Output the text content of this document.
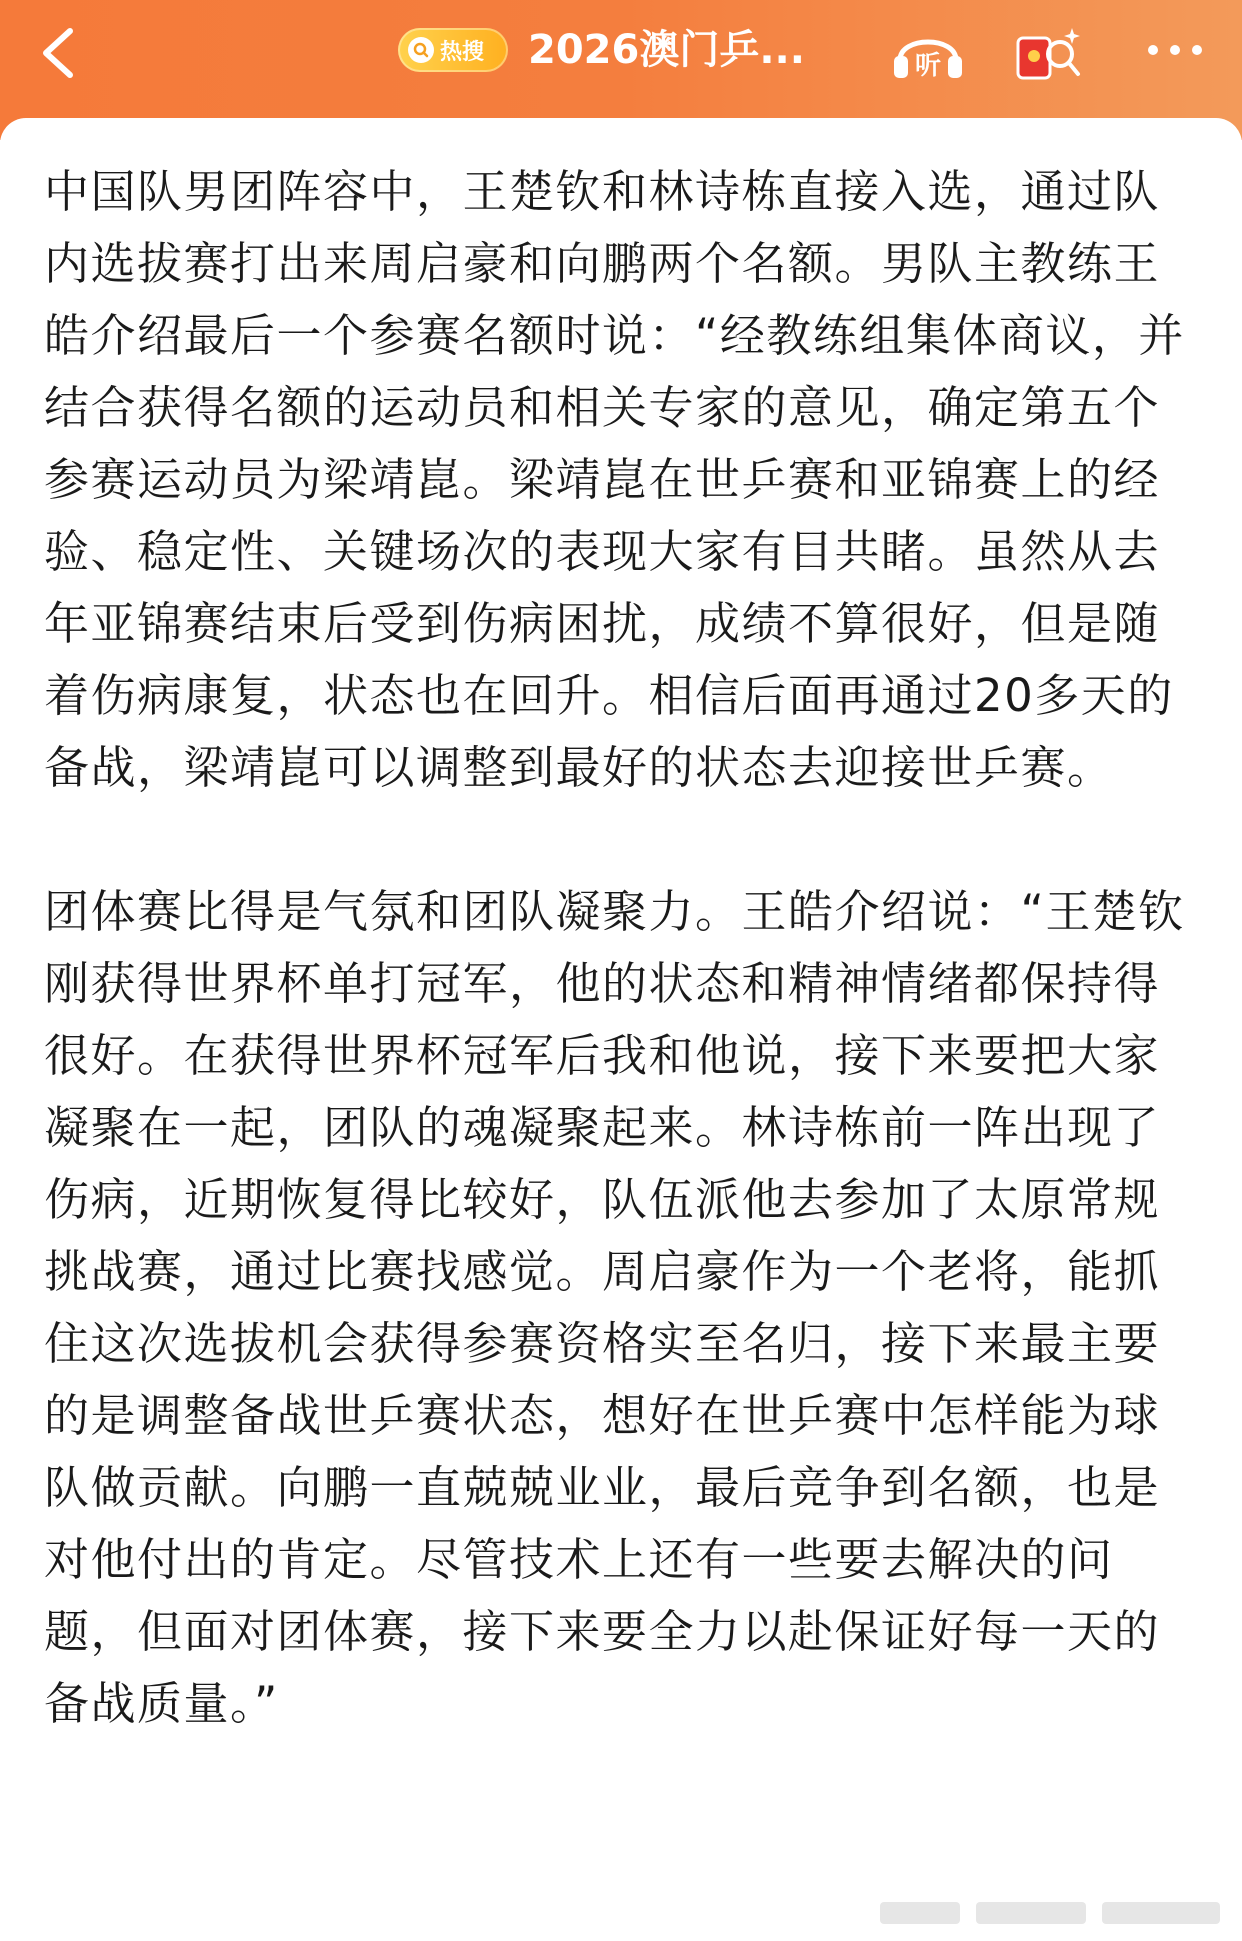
热搜 2026澳门乒...	听

中国队男团阵容中，王楚钦和林诗栋直接入选，通过队内选拔赛打出来周启豪和向鹏两个名额。男队主教练王皓介绍最后一个参赛名额时说：“经教练组集体商议，并结合获得名额的运动员和相关专家的意见，确定第五个参赛运动员为梁靖崑。梁靖崑在世乒赛和亚锦赛上的经验、稳定性、关键场次的表现大家有目共睹。虽然从去年亚锦赛结束后受到伤病困扰，成绩不算很好，但是随着伤病康复，状态也在回升。相信后面再通过20多天的备战，梁靖崑可以调整到最好的状态去迎接世乒赛。

团体赛比得是气氛和团队凝聚力。王皓介绍说：“王楚钦刚获得世界杯单打冠军，他的状态和精神情绪都保持得很好。在获得世界杯冠军后我和他说，接下来要把大家凝聚在一起，团队的魂凝聚起来。林诗栋前一阵出现了伤病，近期恢复得比较好，队伍派他去参加了太原常规挑战赛，通过比赛找感觉。周启豪作为一个老将，能抓住这次选拔机会获得参赛资格实至名归，接下来最主要的是调整备战世乒赛状态，想好在世乒赛中怎样能为球队做贡献。向鹏一直兢兢业业，最后竞争到名额，也是对他付出的肯定。尽管技术上还有一些要去解决的问题，但面对团体赛，接下来要全力以赴保证好每一天的备战质量。”
